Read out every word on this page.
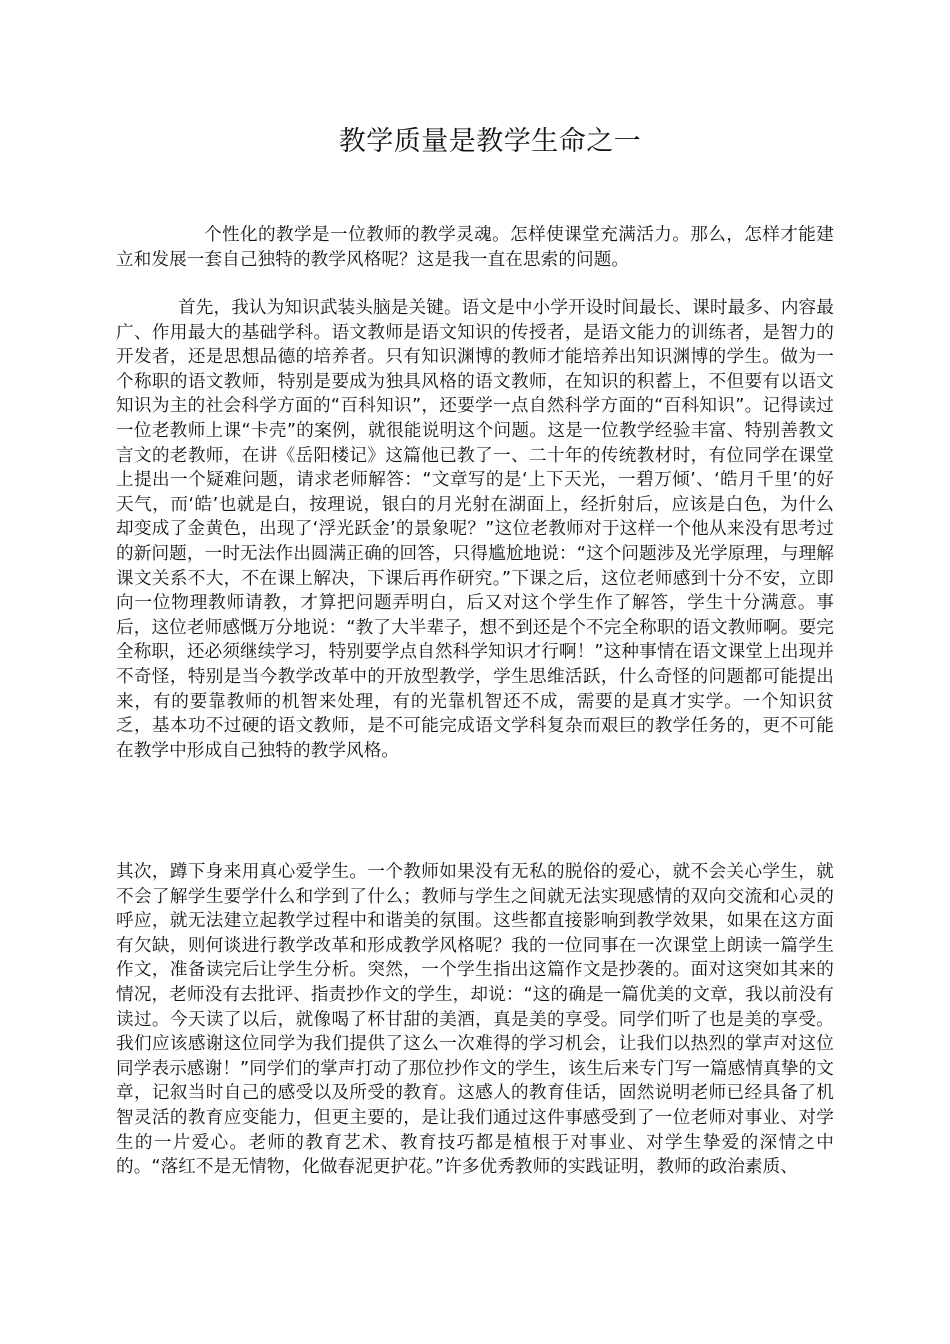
教学质量是教学生命之一

个性化的教学是一位教师的教学灵魂。怎样使课堂充满活力。那么，怎样才能建立和发展一套自己独特的教学风格呢？这是我一直在思索的问题。

首先，我认为知识武装头脑是关键。语文是中小学开设时间最长、课时最多、内容最广、作用最大的基础学科。语文教师是语文知识的传授者，是语文能力的训练者，是智力的开发者，还是思想品德的培养者。只有知识渊博的教师才能培养出知识渊博的学生。做为一个称职的语文教师，特别是要成为独具风格的语文教师，在知识的积蓄上，不但要有以语文知识为主的社会科学方面的“百科知识”，还要学一点自然科学方面的“百科知识”。记得读过一位老教师上课“卡壳”的案例，就很能说明这个问题。这是一位教学经验丰富、特别善教文言文的老教师，在讲《岳阳楼记》这篇他已教了一、二十年的传统教材时，有位同学在课堂上提出一个疑难问题，请求老师解答：“文章写的是‘上下天光，一碧万倾’、‘皓月千里’的好天气，而‘皓’也就是白，按理说，银白的月光射在湖面上，经折射后，应该是白色，为什么却变成了金黄色，出现了‘浮光跃金’的景象呢？”这位老教师对于这样一个他从来没有思考过的新问题，一时无法作出圆满正确的回答，只得尴尬地说：“这个问题涉及光学原理，与理解课文关系不大，不在课上解决，下课后再作研究。”下课之后，这位老师感到十分不安，立即向一位物理教师请教，才算把问题弄明白，后又对这个学生作了解答，学生十分满意。事后，这位老师感慨万分地说：“教了大半辈子，想不到还是个不完全称职的语文教师啊。要完全称职，还必须继续学习，特别要学点自然科学知识才行啊！”这种事情在语文课堂上出现并不奇怪，特别是当今教学改革中的开放型教学，学生思维活跃，什么奇怪的问题都可能提出来，有的要靠教师的机智来处理，有的光靠机智还不成，需要的是真才实学。一个知识贫乏，基本功不过硬的语文教师，是不可能完成语文学科复杂而艰巨的教学任务的，更不可能在教学中形成自己独特的教学风格。

其次，蹲下身来用真心爱学生。一个教师如果没有无私的脱俗的爱心，就不会关心学生，就不会了解学生要学什么和学到了什么；教师与学生之间就无法实现感情的双向交流和心灵的呼应，就无法建立起教学过程中和谐美的氛围。这些都直接影响到教学效果，如果在这方面有欠缺，则何谈进行教学改革和形成教学风格呢？我的一位同事在一次课堂上朗读一篇学生作文，准备读完后让学生分析。突然，一个学生指出这篇作文是抄袭的。面对这突如其来的情况，老师没有去批评、指责抄作文的学生，却说：“这的确是一篇优美的文章，我以前没有读过。今天读了以后，就像喝了杯甘甜的美酒，真是美的享受。同学们听了也是美的享受。我们应该感谢这位同学为我们提供了这么一次难得的学习机会，让我们以热烈的掌声对这位同学表示感谢！”同学们的掌声打动了那位抄作文的学生，该生后来专门写一篇感情真挚的文章，记叙当时自己的感受以及所受的教育。这感人的教育佳话，固然说明老师已经具备了机智灵活的教育应变能力，但更主要的，是让我们通过这件事感受到了一位老师对事业、对学生的一片爱心。老师的教育艺术、教育技巧都是植根于对事业、对学生挚爱的深情之中的。“落红不是无情物，化做春泥更护花。”许多优秀教师的实践证明，教师的政治素质、
